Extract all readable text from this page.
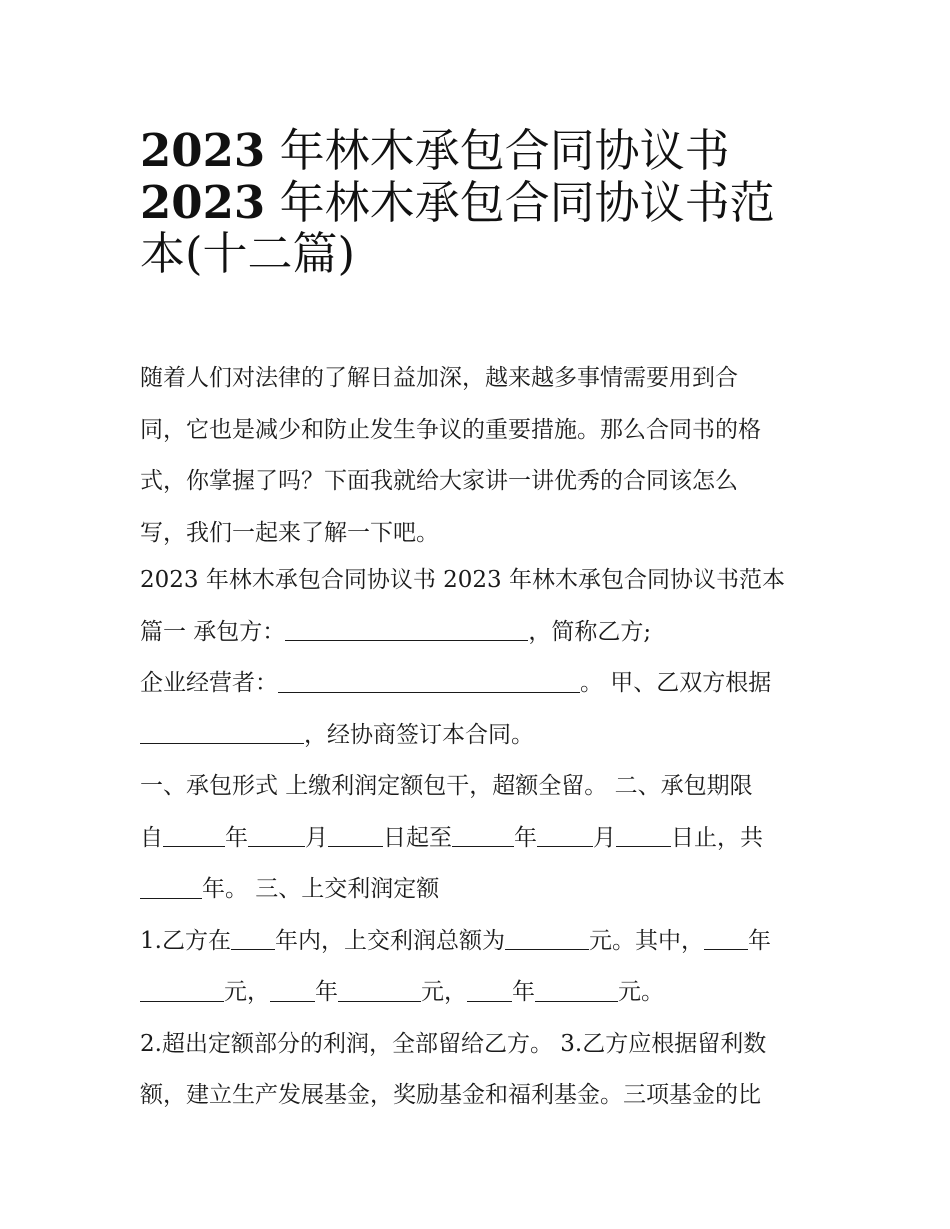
2023 年林木承包合同协议书
2023 年林木承包合同协议书范
本(十二篇)
随着人们对法律的了解日益加深，越来越多事情需要用到合
同，它也是减少和防止发生争议的重要措施。那么合同书的格
式，你掌握了吗？下面我就给大家讲一讲优秀的合同该怎么
写，我们一起来了解一下吧。
2023 年林木承包合同协议书 2023 年林木承包合同协议书范本
篇一 承包方：	，简称乙方;
企业经营者：	。 甲、乙双方根据
，经协商签订本合同。
一、承包形式 上缴利润定额包干，超额全留。 二、承包期限
自	年 月 日起至	年 月 日止，共
年。 三、上交利润定额
1.乙方在 年内，上交利润总额为	元。其中， 年
元， 年	元， 年	元。
2.超出定额部分的利润，全部留给乙方。 3.乙方应根据留利数
额，建立生产发展基金，奖励基金和福利基金。三项基金的比
